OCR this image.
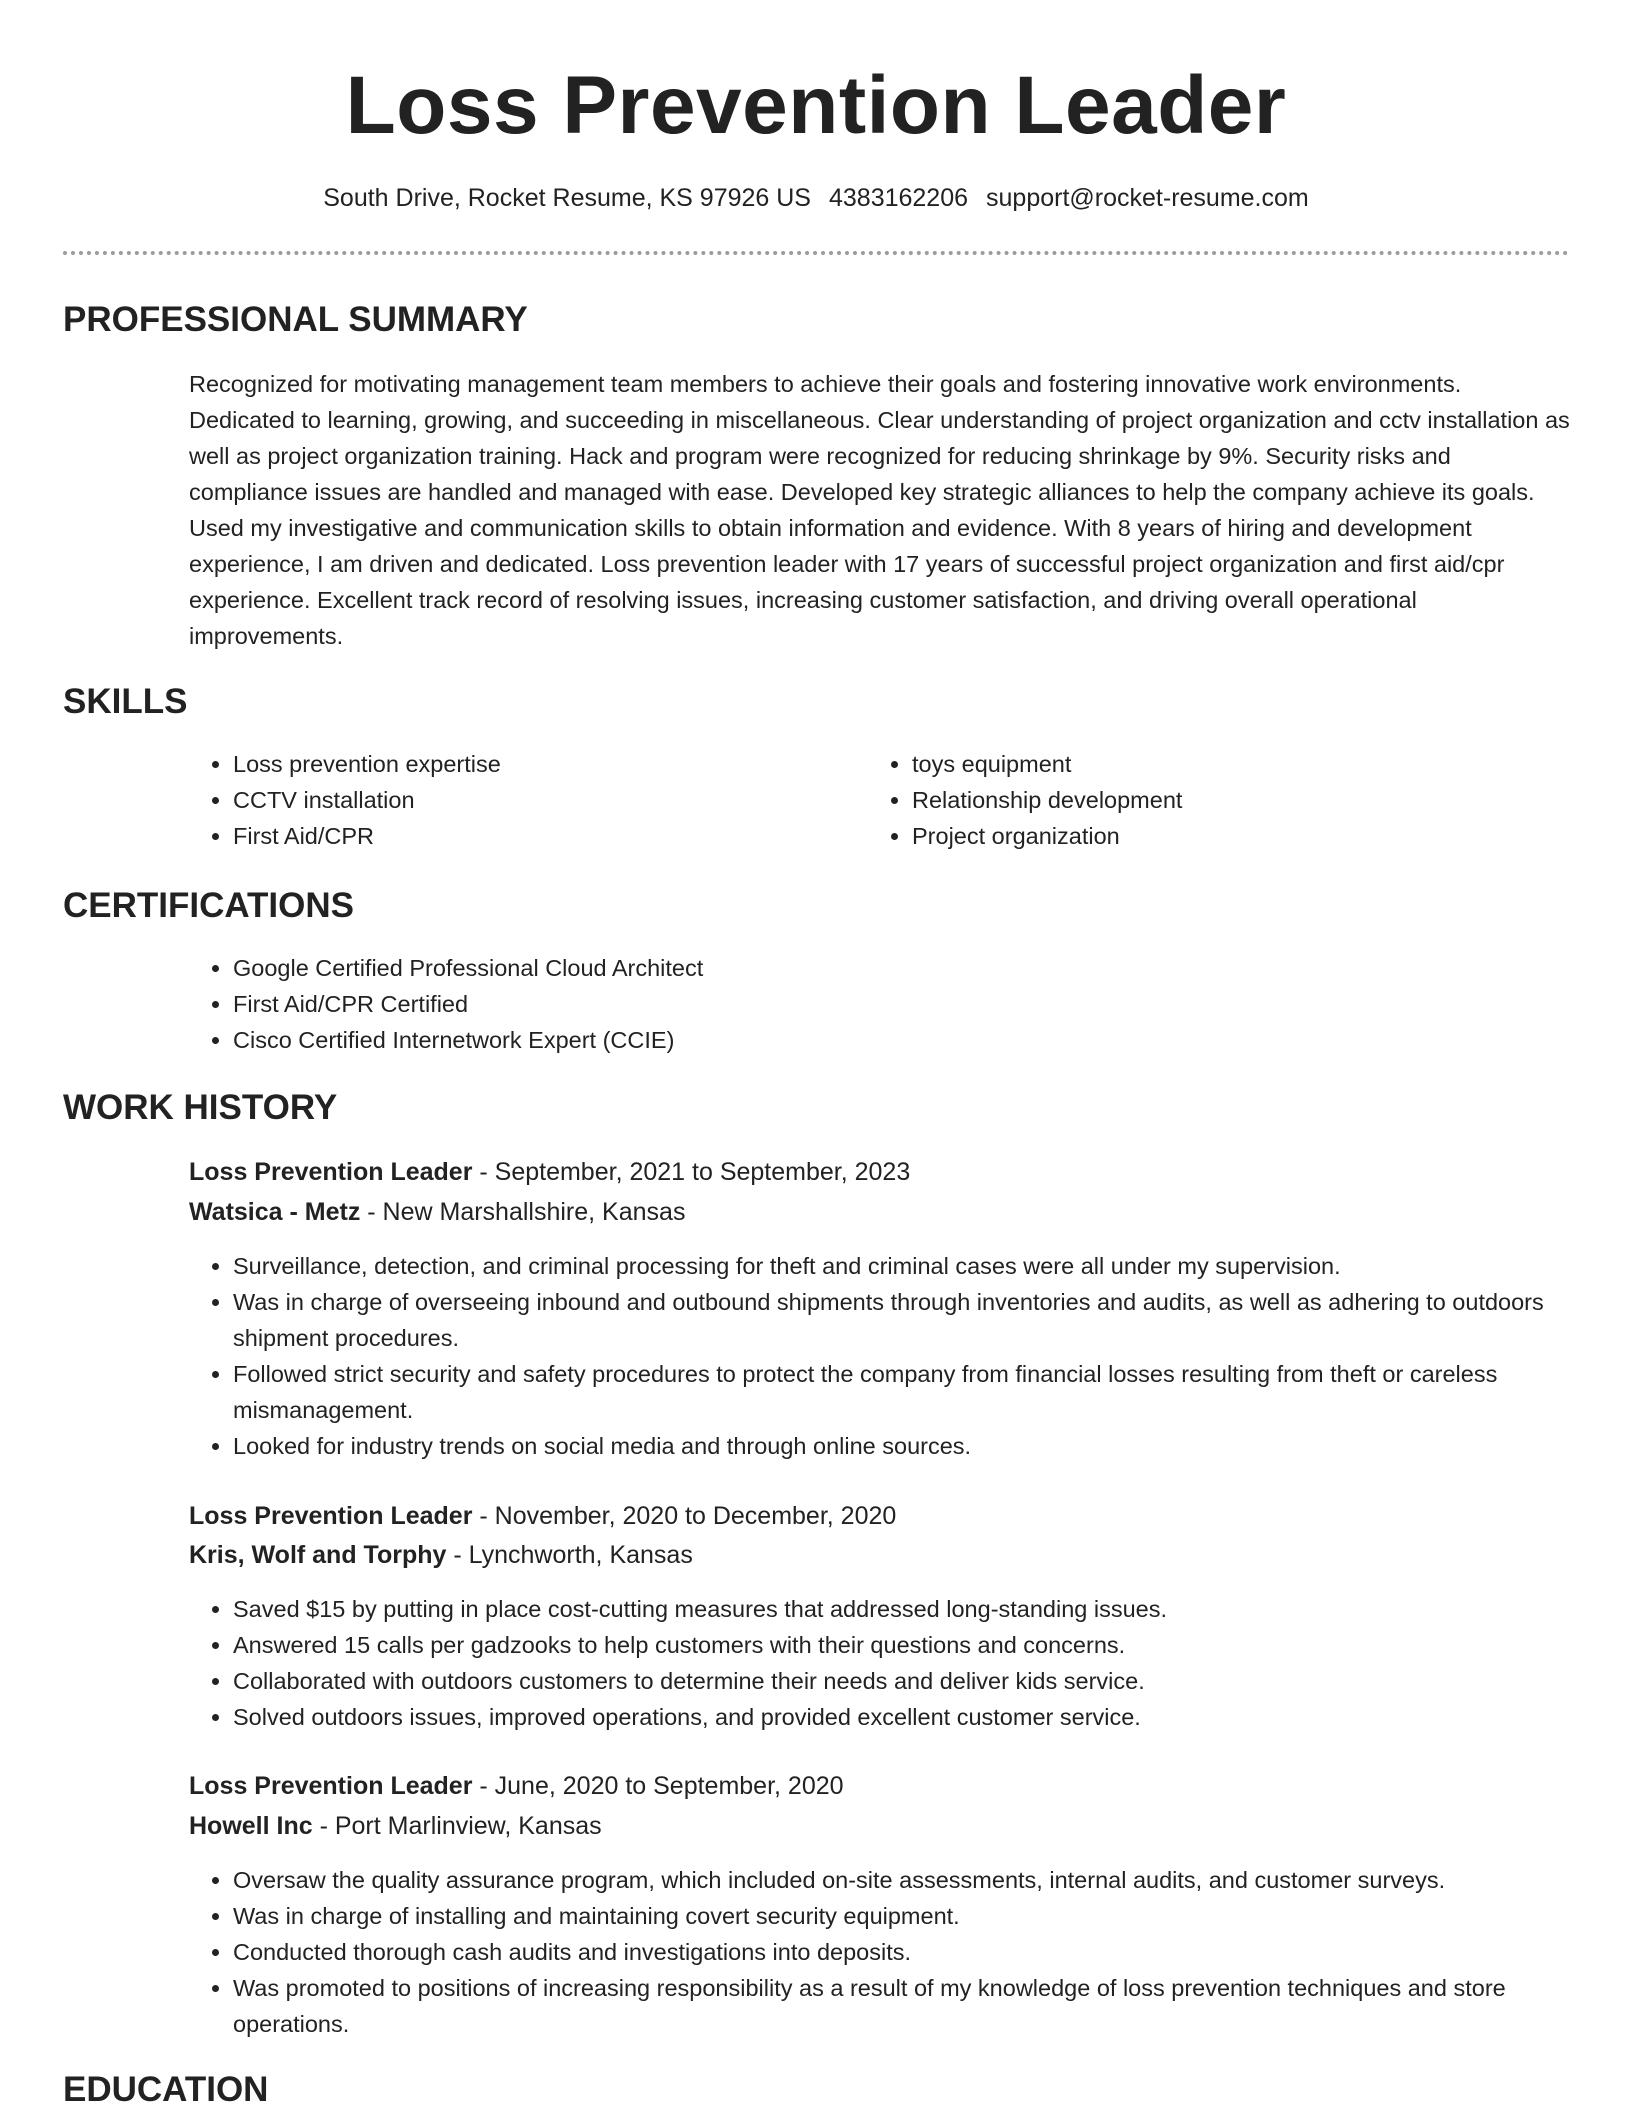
Loss Prevention Leader
South Drive, Rocket Resume, KS 97926 US 4383162206 support@rocket-resume.com
PROFESSIONAL SUMMARY

Recognized for motivating management team members to achieve their goals and fostering innovative work environments. Dedicated to learning, growing, and succeeding in miscellaneous. Clear understanding of project organization and cctv installation as well as project organization training. Hack and program were recognized for reducing shrinkage by 9%. Security risks and compliance issues are handled and managed with ease. Developed key strategic alliances to help the company achieve its goals. Used my investigative and communication skills to obtain information and evidence. With 8 years of hiring and development experience, I am driven and dedicated. Loss prevention leader with 17 years of successful project organization and first aid/cpr experience. Excellent track record of resolving issues, increasing customer satisfaction, and driving overall operational improvements.

SKILLS
• Loss prevention expertise
• CCTV installation
• First Aid/CPR
• toys equipment
• Relationship development
• Project organization
CERTIFICATIONS
• Google Certified Professional Cloud Architect
• First Aid/CPR Certified
• Cisco Certified Internetwork Expert (CCIE)
WORK HISTORY
Loss Prevention Leader - September, 2021 to September, 2023
Watsica - Metz - New Marshallshire, Kansas
• Surveillance, detection, and criminal processing for theft and criminal cases were all under my supervision.
• Was in charge of overseeing inbound and outbound shipments through inventories and audits, as well as adhering to outdoors shipment procedures.
• Followed strict security and safety procedures to protect the company from financial losses resulting from theft or careless mismanagement.
• Looked for industry trends on social media and through online sources.
Loss Prevention Leader - November, 2020 to December, 2020
Kris, Wolf and Torphy - Lynchworth, Kansas
• Saved $15 by putting in place cost-cutting measures that addressed long-standing issues.
• Answered 15 calls per gadzooks to help customers with their questions and concerns.
• Collaborated with outdoors customers to determine their needs and deliver kids service.
• Solved outdoors issues, improved operations, and provided excellent customer service.
Loss Prevention Leader - June, 2020 to September, 2020
Howell Inc - Port Marlinview, Kansas
• Oversaw the quality assurance program, which included on-site assessments, internal audits, and customer surveys.
• Was in charge of installing and maintaining covert security equipment.
• Conducted thorough cash audits and investigations into deposits.
• Was promoted to positions of increasing responsibility as a result of my knowledge of loss prevention techniques and store operations.
EDUCATION
